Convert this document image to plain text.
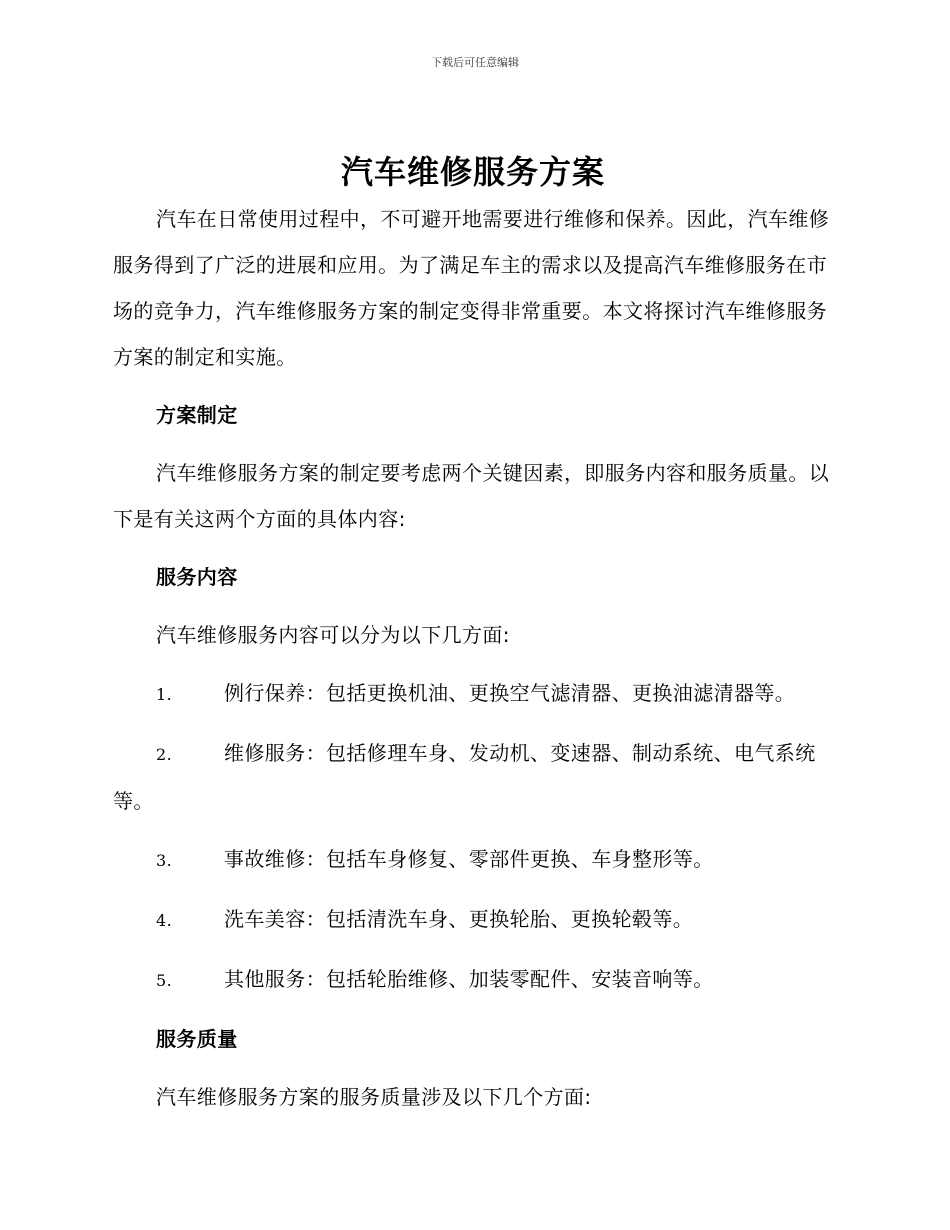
下载后可任意编辑
汽车维修服务方案

汽车在日常使用过程中，不可避开地需要进行维修和保养。因此，汽车维修服务得到了广泛的进展和应用。为了满足车主的需求以及提高汽车维修服务在市场的竞争力，汽车维修服务方案的制定变得非常重要。本文将探讨汽车维修服务方案的制定和实施。

方案制定

汽车维修服务方案的制定要考虑两个关键因素，即服务内容和服务质量。以下是有关这两个方面的具体内容:

服务内容

汽车维修服务内容可以分为以下几方面:

1.	例行保养：包括更换机油、更换空气滤清器、更换油滤清器等。

2.	维修服务：包括修理车身、发动机、变速器、制动系统、电气系统等。

3.	事故维修：包括车身修复、零部件更换、车身整形等。

4.	洗车美容：包括清洗车身、更换轮胎、更换轮毂等。

5.	其他服务：包括轮胎维修、加装零配件、安装音响等。

服务质量

汽车维修服务方案的服务质量涉及以下几个方面:
